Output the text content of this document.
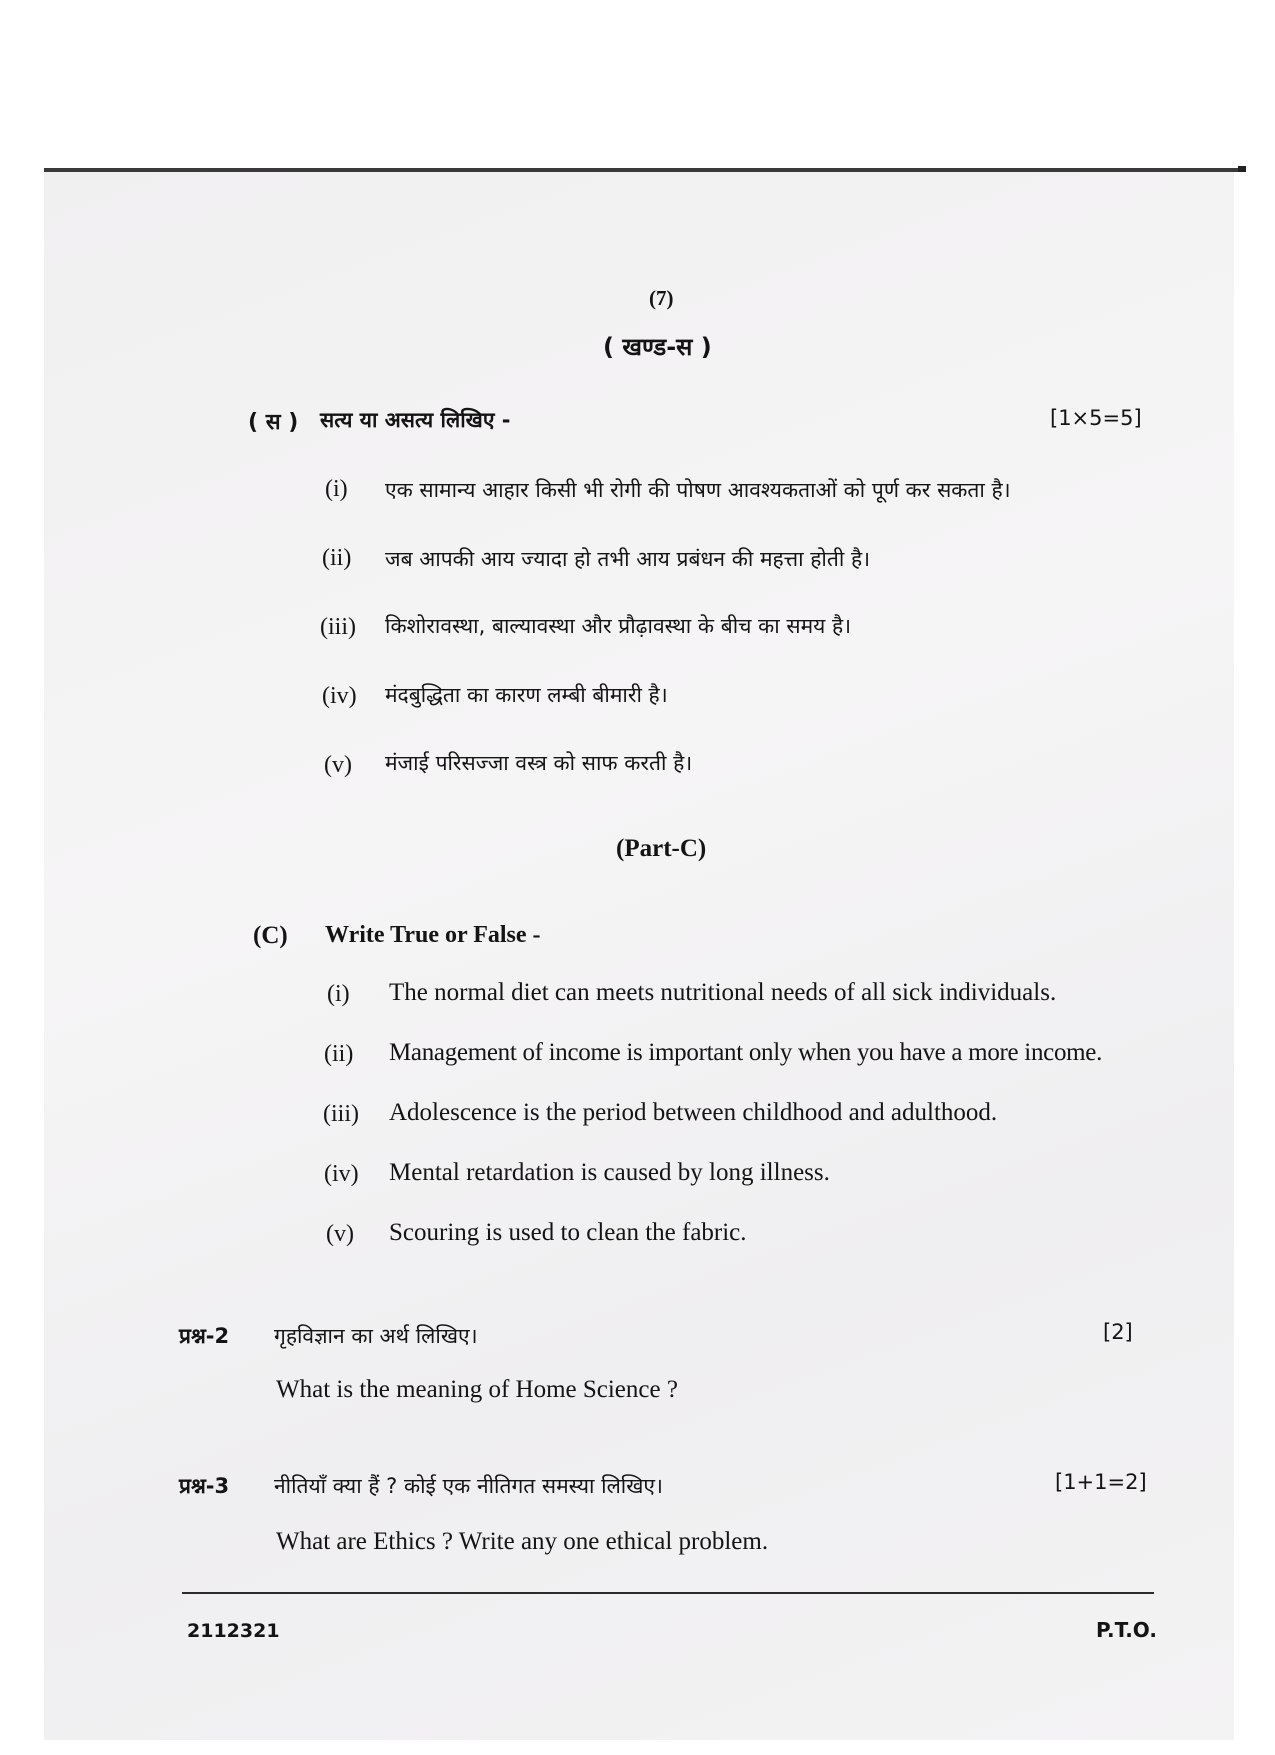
(7)
( खण्ड-स )
( स ) सत्य या असत्य लिखिए -	[1×5=5]
(i) एक सामान्य आहार किसी भी रोगी की पोषण आवश्यकताओं को पूर्ण कर सकता है।
(ii) जब आपकी आय ज्यादा हो तभी आय प्रबंधन की महत्ता होती है।
(iii) किशोरावस्था, बाल्यावस्था और प्रौढ़ावस्था के बीच का समय है।
(iv) मंदबुद्धिता का कारण लम्बी बीमारी है।
(v) मंजाई परिसज्जा वस्त्र को साफ करती है।
(Part-C)
(C) Write True or False -
(i) The normal diet can meets nutritional needs of all sick individuals.
(ii) Management of income is important only when you have a more income.
(iii) Adolescence is the period between childhood and adulthood.
(iv) Mental retardation is caused by long illness.
(v) Scouring is used to clean the fabric.
प्रश्न-2 गृहविज्ञान का अर्थ लिखिए।	[2]
What is the meaning of Home Science ?
प्रश्न-3 नीतियाँ क्या हैं ? कोई एक नीतिगत समस्या लिखिए।	[1+1=2]
What are Ethics ? Write any one ethical problem.
2112321	P.T.O.
